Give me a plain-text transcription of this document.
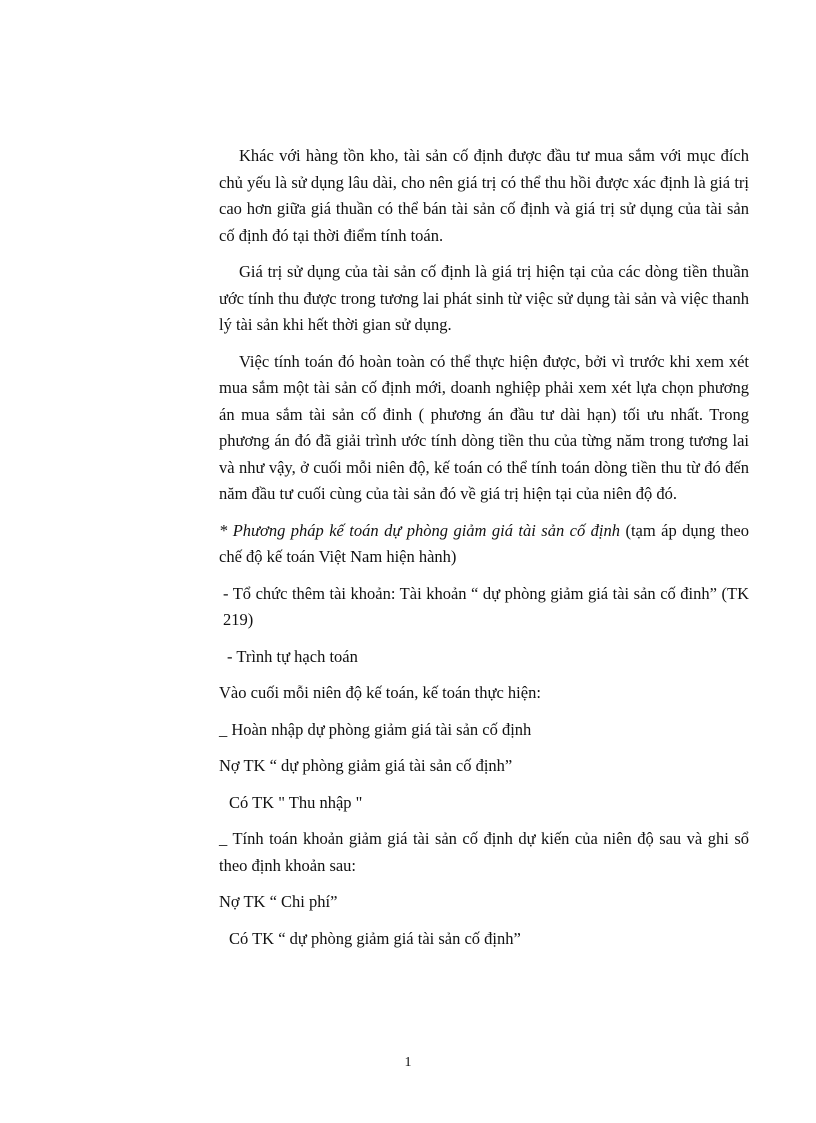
Khác với hàng tồn kho, tài sản cố định được đầu tư mua sắm với mục đích chủ yếu là sử dụng lâu dài, cho nên giá trị có thể thu hồi được xác định là giá trị cao hơn giữa giá thuần có thể bán tài sản cố định và giá trị sử dụng của tài sản cố định đó tại thời điểm tính toán.

Giá trị sử dụng của tài sản cố định là giá trị hiện tại của các dòng tiền thuần ước tính thu được trong tương lai phát sinh từ việc sử dụng tài sản và việc thanh lý tài sản khi hết thời gian sử dụng.

Việc tính toán đó hoàn toàn có thể thực hiện được, bởi vì trước khi xem xét mua sắm một tài sản cố định mới, doanh nghiệp phải xem xét lựa chọn phương án mua sắm tài sản cố đinh ( phương án đầu tư dài hạn) tối ưu nhất. Trong phương án đó đã giải trình ước tính dòng tiền thu của từng năm trong tương lai và như vậy, ở cuối mỗi niên độ, kế toán có thể tính toán dòng tiền thu từ đó đến năm đầu tư cuối cùng của tài sản đó về giá trị hiện tại của niên độ đó.

* Phương pháp kế toán dự phòng giảm giá tài sản cố định (tạm áp dụng theo chế độ kế toán Việt Nam hiện hành)

- Tổ chức thêm tài khoản: Tài khoản “ dự phòng giảm giá tài sản cố đinh” (TK 219)

- Trình tự hạch toán

Vào cuối mỗi niên độ kế toán, kế toán thực hiện:

_ Hoàn nhập dự phòng giảm giá tài sản cố định

Nợ TK “ dự phòng giảm giá tài sản cố định”

Có TK " Thu nhập "

_ Tính toán khoản giảm giá tài sản cố định dự kiến của niên độ sau và ghi sổ theo định khoản sau:

Nợ TK “ Chi phí”

Có TK “ dự phòng giảm giá tài sản cố định”

1
